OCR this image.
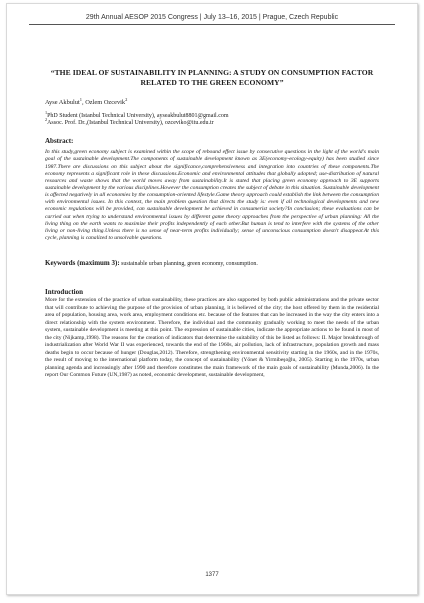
29th Annual AESOP 2015 Congress | July 13–16, 2015 | Prague, Czech Republic
“THE IDEAL OF SUSTAINABILITY IN PLANNING: A STUDY ON CONSUMPTION FACTOR RELATED TO THE GREEN ECONOMY”
Ayse Akbulut$^1$, Ozlem Ozcevik$^2$
$^1$PhD Student (Istanbul Technical University), ayseakbulut8801@gmail.com
$^2$Assoc. Prof. Dr.,(Istanbul Technical University), ozceviko@itu.edu.tr
Abstract:

In this study,green economy subject is examined within the scope of rebound effect issue by consecutive questions in the light of the world's main goal of the sustainable development.The components of sustainable development known as 3E(economy-ecology-equity) has been studied since 1987.There are discussions on this subject about the significance,comprehensiveness and integration into countries of these components.The economy represents a significant role in these discussions.Economic and environmental attitudes that globally adopted; use-distribution of natural resources and waste shows that the world moves away from sustainability.It is stated that placing green economy approach to 3E supports sustainable development by the various disciplines.However the consumption creates the subject of debate in this situation. Sustainable development is affected negatively in all economies by the consumption-oriented lifestyle.Game theory approach could establish the link between the consumption with environmental issues. In this context, the main problem question that directs the study is: even if all technological developments and new economic regulations will be provided, can sustainable development be achieved in consumerist society?In conclusion; these evaluations can be carried out when trying to understand environmental issues by different game theory approaches from the perspective of urban planning: All the living thing on the earth wants to maximize their profits independently of each other.But human is tend to interfere with the systems of the other living or non-living thing.Unless there is no sense of near-term profits individually; sense of unconscious consumption doesn't disappear.At this cycle, planning is canalized to unsolvable questions.

Keywords (maximum 3): sustainable urban planning, green economy, consumption.
Introduction

More for the extension of the practice of urban sustainability, these practices are also supported by both public administrations and the private sector that will contribute to achieving the purpose of the provision of urban planning, it is believed of the city; the host offered by them in the residential area of population, housing area, work area, employment conditions etc. because of the features that can be increased in the way the city enters into a direct relationship with the system environment. Therefore, the individual and the community gradually working to meet the needs of the urban system, sustainable development is meeting at this point. The expression of sustainable cities, indicate the appropriate actions to be found in most of the city (Nijkamp,1998). The reasons for the creation of indicators that determine the suitability of this be listed as follows: II. Major breakthrough of industrialization after World War II was experienced, towards the end of the 1960s, air pollution, lack of infrastructure, population growth and mass deaths begin to occur because of hunger (Douglas,2012). Therefore, strengthening environmental sensitivity starting in the 1960s, and in the 1970s, the result of moving to the international platform today, the concept of sustainability (Yönet & Yirmibeşoğlu, 2005). Starting in the 1970s, urban planning agenda and increasingly after 1990 and therefore constitutes the main framework of the main goals of sustainability (Munda,2006). In the report Our Common Future (UN,1987) as noted, economic development, sustainable development,

1377
